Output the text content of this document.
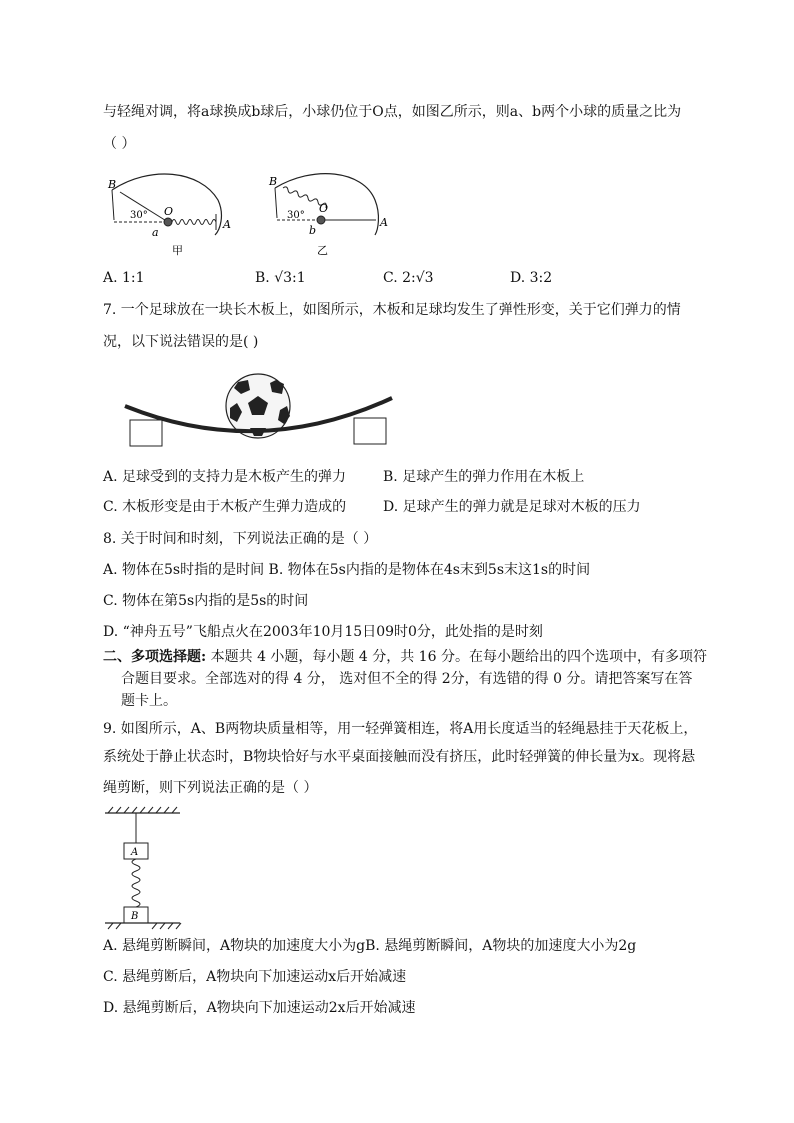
与轻绳对调，将a球换成b球后，小球仍位于O点，如图乙所示，则a、b两个小球的质量之比为
（ ）
B
30° O
a
A
甲
B
30°
O
b
A
乙
A. 1:1	B. √3:1	C. 2:√3	D. 3:2
7. 一个足球放在一块长木板上，如图所示，木板和足球均发生了弹性形变，关于它们弹力的情
况，以下说法错误的是( )
A. 足球受到的支持力是木板产生的弹力	B. 足球产生的弹力作用在木板上
C. 木板形变是由于木板产生弹力造成的	D. 足球产生的弹力就是足球对木板的压力
8. 关于时间和时刻，下列说法正确的是（ ）
A. 物体在5s时指的是时间 B. 物体在5s内指的是物体在4s末到5s末这1s的时间
C. 物体在第5s内指的是5s的时间
D. “神舟五号”飞船点火在2003年10月15日09时0分，此处指的是时刻
二、多项选择题: 本题共 4 小题，每小题 4 分，共 16 分。在每小题给出的四个选项中，有多项符
合题目要求。全部选对的得 4 分， 选对但不全的得 2分，有选错的得 0 分。请把答案写在答
题卡上。
9. 如图所示，A、B两物块质量相等，用一轻弹簧相连，将A用长度适当的轻绳悬挂于天花板上，
系统处于静止状态时，B物块恰好与水平桌面接触而没有挤压，此时轻弹簧的伸长量为x。现将悬
绳剪断，则下列说法正确的是（ ）
A
B
A. 悬绳剪断瞬间，A物块的加速度大小为gB. 悬绳剪断瞬间，A物块的加速度大小为2g
C. 悬绳剪断后，A物块向下加速运动x后开始减速
D. 悬绳剪断后，A物块向下加速运动2x后开始减速
